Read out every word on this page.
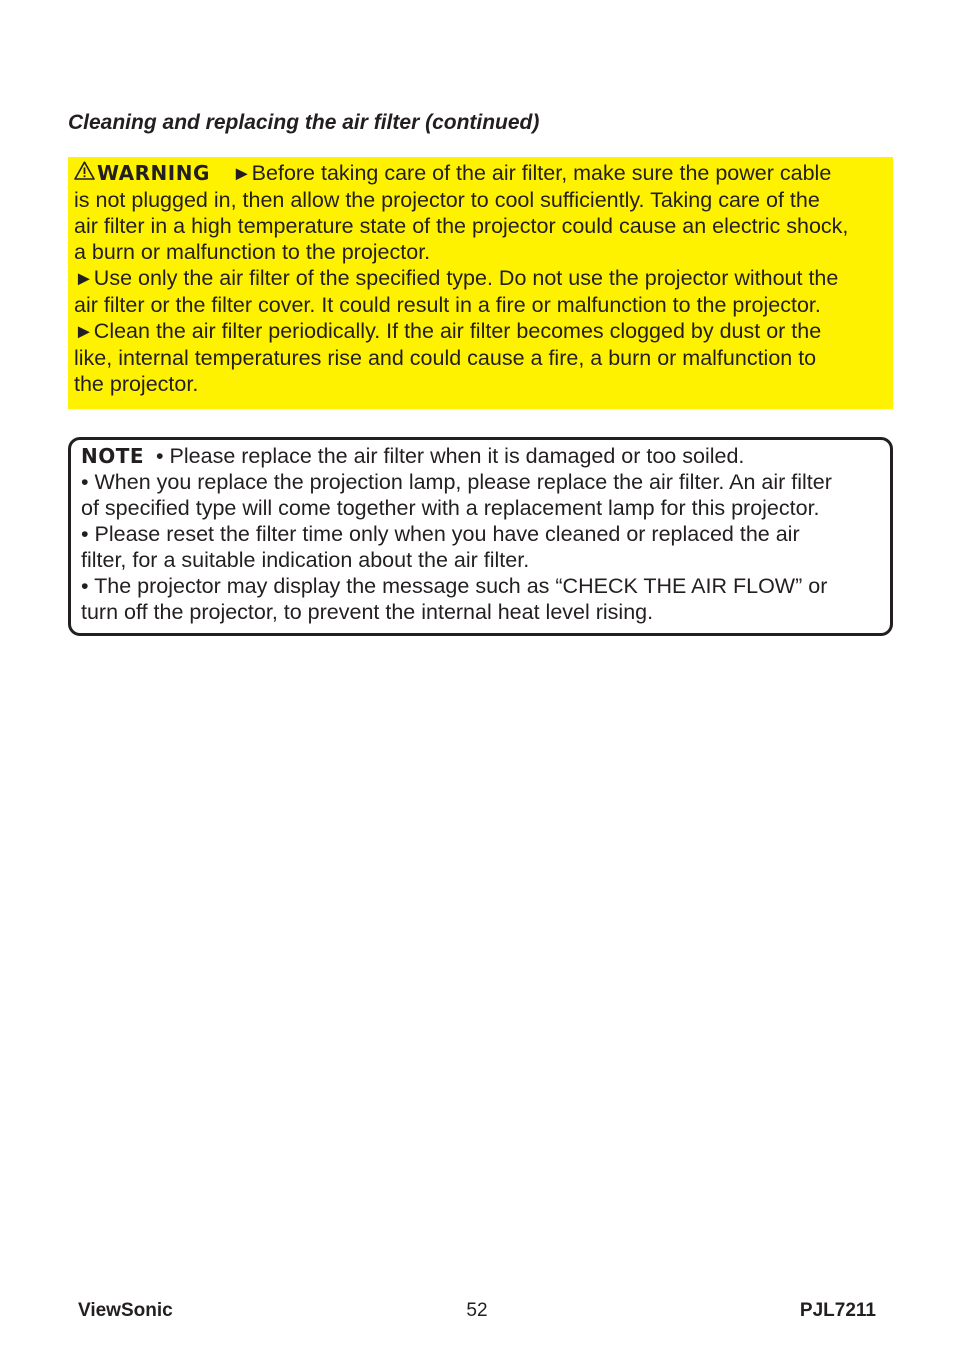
Cleaning and replacing the air filter (continued)

WARNING ►Before taking care of the air filter, make sure the power cable

is not plugged in, then allow the projector to cool sufficiently. Taking care of the

air filter in a high temperature state of the projector could cause an electric shock,

a burn or malfunction to the projector.

►Use only the air filter of the specified type. Do not use the projector without the

air filter or the filter cover. It could result in a fire or malfunction to the projector.

►Clean the air filter periodically. If the air filter becomes clogged by dust or the

like, internal temperatures rise and could cause a fire, a burn or malfunction to

the projector.

NOTE • Please replace the air filter when it is damaged or too soiled.

• When you replace the projection lamp, please replace the air filter. An air filter

of specified type will come together with a replacement lamp for this projector.

• Please reset the filter time only when you have cleaned or replaced the air

filter, for a suitable indication about the air filter.

• The projector may display the message such as “CHECK THE AIR FLOW” or

turn off the projector, to prevent the internal heat level rising.

52
ViewSonic	PJL7211
